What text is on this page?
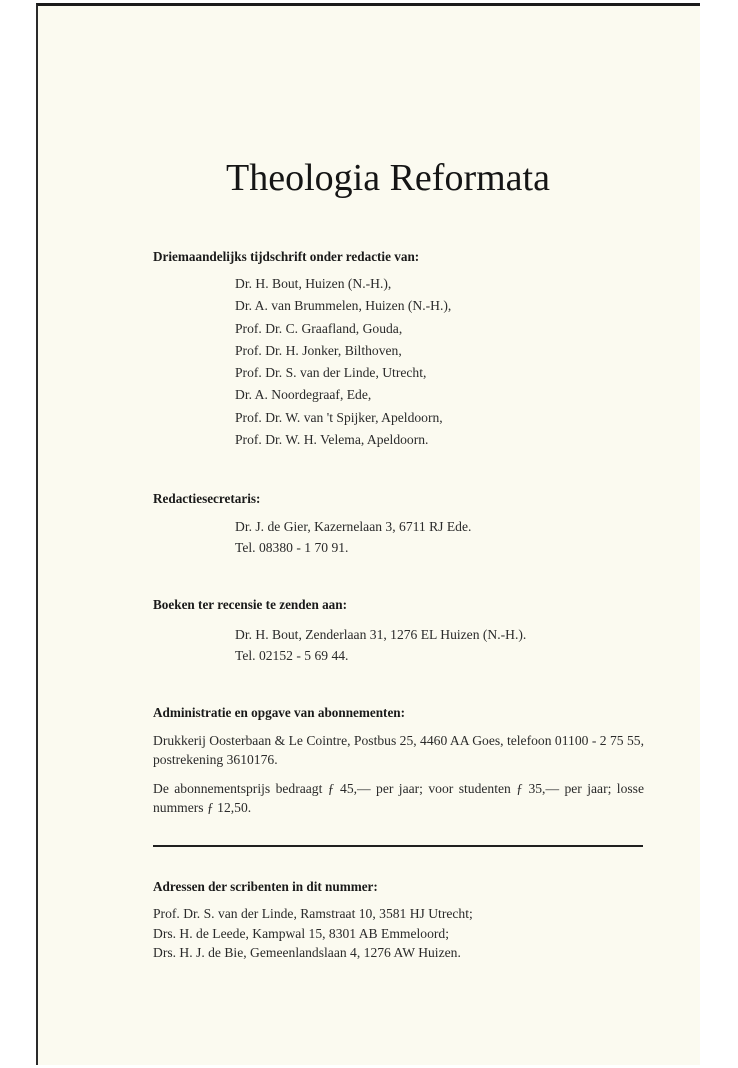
Theologia Reformata
Driemaandelijks tijdschrift onder redactie van:
Dr. H. Bout, Huizen (N.-H.),
Dr. A. van Brummelen, Huizen (N.-H.),
Prof. Dr. C. Graafland, Gouda,
Prof. Dr. H. Jonker, Bilthoven,
Prof. Dr. S. van der Linde, Utrecht,
Dr. A. Noordegraaf, Ede,
Prof. Dr. W. van 't Spijker, Apeldoorn,
Prof. Dr. W. H. Velema, Apeldoorn.
Redactiesecretaris:
Dr. J. de Gier, Kazernelaan 3, 6711 RJ Ede.
Tel. 08380 - 1 70 91.
Boeken ter recensie te zenden aan:
Dr. H. Bout, Zenderlaan 31, 1276 EL Huizen (N.-H.).
Tel. 02152 - 5 69 44.
Administratie en opgave van abonnementen:

Drukkerij Oosterbaan & Le Cointre, Postbus 25, 4460 AA Goes, telefoon 01100 - 2 75 55, postrekening 3610176.

De abonnementsprijs bedraagt ƒ 45,— per jaar; voor studenten ƒ 35,— per jaar; losse nummers ƒ 12,50.

Adressen der scribenten in dit nummer:
Prof. Dr. S. van der Linde, Ramstraat 10, 3581 HJ Utrecht;
Drs. H. de Leede, Kampwal 15, 8301 AB Emmeloord;
Drs. H. J. de Bie, Gemeenlandslaan 4, 1276 AW Huizen.
